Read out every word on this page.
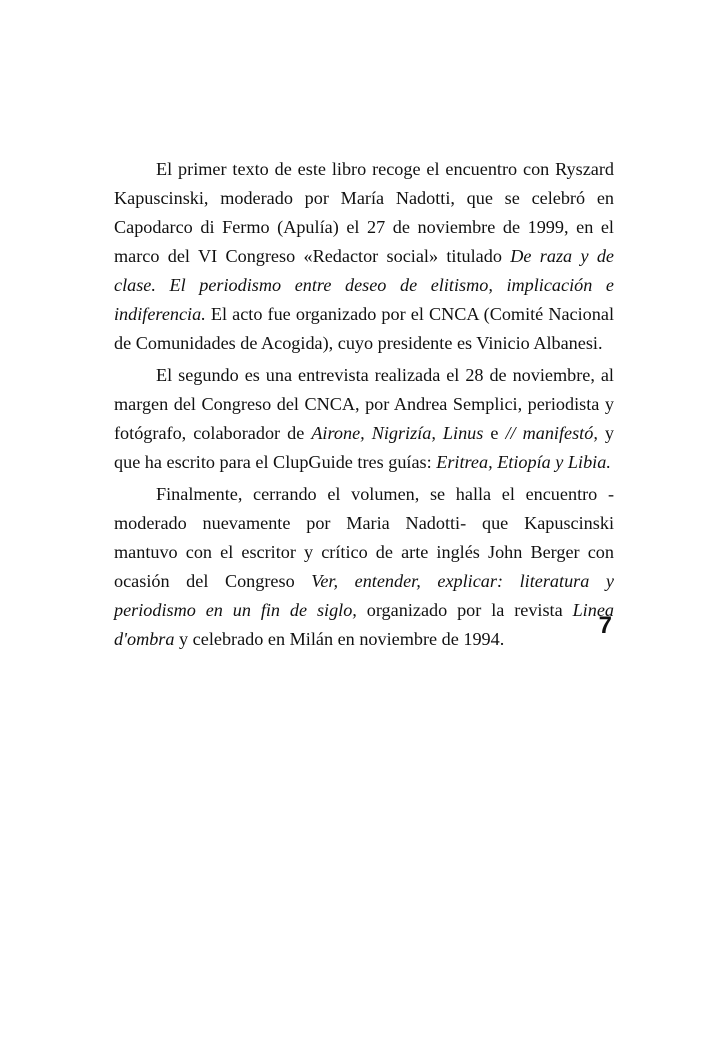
El primer texto de este libro recoge el encuentro con Ryszard Kapuscinski, moderado por María Nadotti, que se celebró en Capodarco di Fermo (Apulía) el 27 de noviembre de 1999, en el marco del VI Congreso «Redactor social» titulado De raza y de clase. El periodismo entre deseo de elitismo, implicación e indiferencia. El acto fue organizado por el CNCA (Comité Nacional de Comunidades de Acogida), cuyo presidente es Vinicio Albanesi.

El segundo es una entrevista realizada el 28 de noviembre, al margen del Congreso del CNCA, por Andrea Semplici, periodista y fotógrafo, colaborador de Airone, Nigrizía, Linus e // manifestó, y que ha escrito para el ClupGuide tres guías: Eritrea, Etiopía y Libia.

Finalmente, cerrando el volumen, se halla el encuentro -moderado nuevamente por Maria Nadotti- que Kapuscinski mantuvo con el escritor y crítico de arte inglés John Berger con ocasión del Congreso Ver, entender, explicar: literatura y periodismo en un fin de siglo, organizado por la revista Linea d'ombra y celebrado en Milán en noviembre de 1994.	7
